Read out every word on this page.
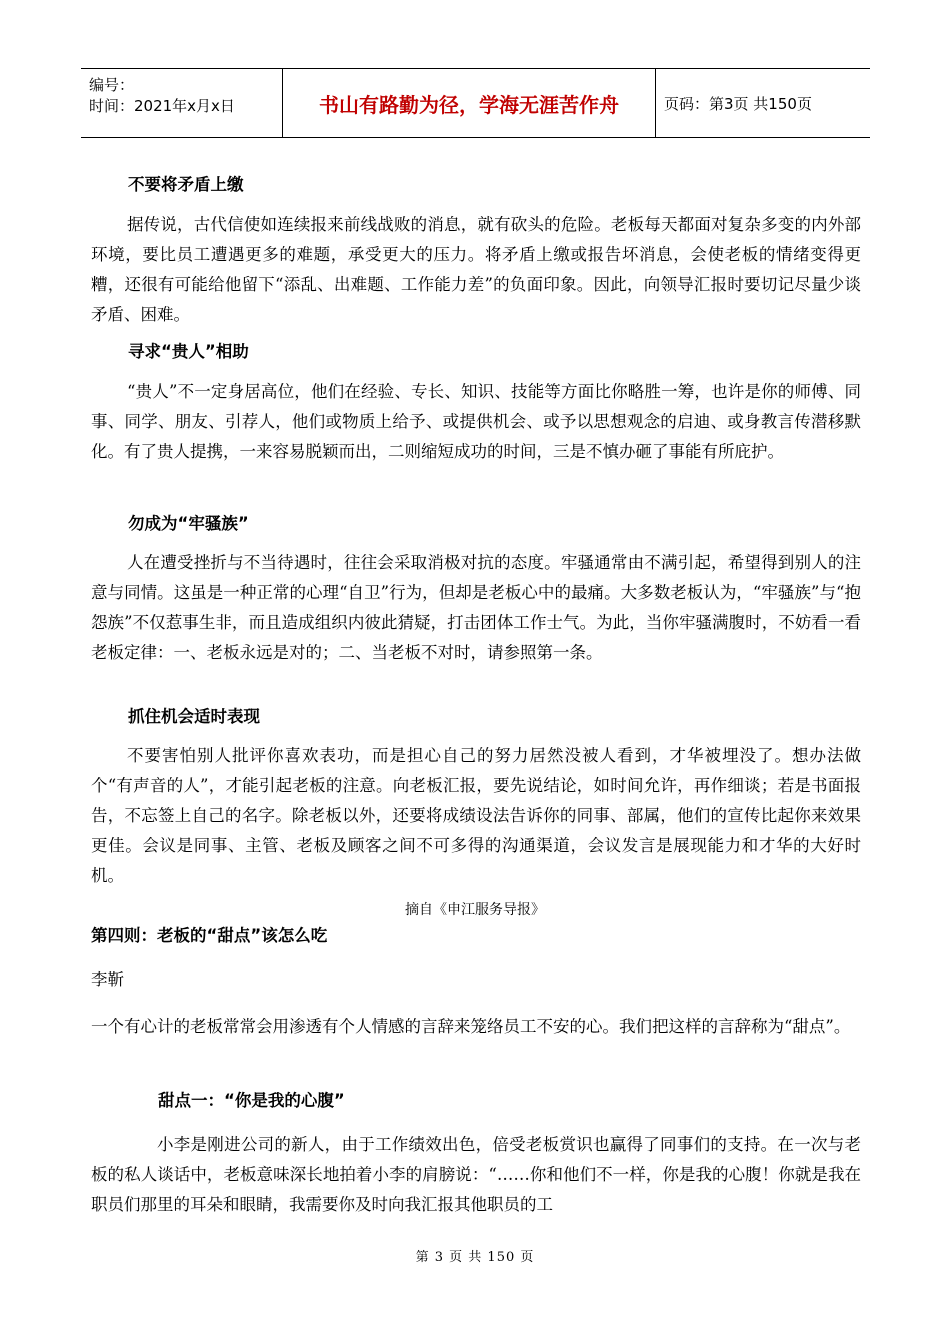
编号：
时间：2021年x月x日	书山有路勤为径，学海无涯苦作舟	页码：第3页 共150页
不要将矛盾上缴

据传说，古代信使如连续报来前线战败的消息，就有砍头的危险。老板每天都面对复杂多变的内外部环境，要比员工遭遇更多的难题，承受更大的压力。将矛盾上缴或报告坏消息，会使老板的情绪变得更糟，还很有可能给他留下“添乱、出难题、工作能力差”的负面印象。因此，向领导汇报时要切记尽量少谈矛盾、困难。

寻求“贵人”相助

“贵人”不一定身居高位，他们在经验、专长、知识、技能等方面比你略胜一筹，也许是你的师傅、同事、同学、朋友、引荐人，他们或物质上给予、或提供机会、或予以思想观念的启迪、或身教言传潜移默化。有了贵人提携，一来容易脱颖而出，二则缩短成功的时间，三是不慎办砸了事能有所庇护。

勿成为“牢骚族”

人在遭受挫折与不当待遇时，往往会采取消极对抗的态度。牢骚通常由不满引起，希望得到别人的注意与同情。这虽是一种正常的心理“自卫”行为，但却是老板心中的最痛。大多数老板认为，“牢骚族”与“抱怨族”不仅惹事生非，而且造成组织内彼此猜疑，打击团体工作士气。为此，当你牢骚满腹时，不妨看一看老板定律：一、老板永远是对的；二、当老板不对时，请参照第一条。

抓住机会适时表现

不要害怕别人批评你喜欢表功，而是担心自己的努力居然没被人看到，才华被埋没了。想办法做个“有声音的人”，才能引起老板的注意。向老板汇报，要先说结论，如时间允许，再作细谈；若是书面报告，不忘签上自己的名字。除老板以外，还要将成绩设法告诉你的同事、部属，他们的宣传比起你来效果更佳。会议是同事、主管、老板及顾客之间不可多得的沟通渠道，会议发言是展现能力和才华的大好时机。

摘自《申江服务导报》
第四则：老板的“甜点”该怎么吃

李靳

一个有心计的老板常常会用渗透有个人情感的言辞来笼络员工不安的心。我们把这样的言辞称为“甜点”。

甜点一：“你是我的心腹”

小李是刚进公司的新人，由于工作绩效出色，倍受老板赏识也赢得了同事们的支持。在一次与老板的私人谈话中，老板意味深长地拍着小李的肩膀说：“……你和他们不一样，你是我的心腹！你就是我在职员们那里的耳朵和眼睛，我需要你及时向我汇报其他职员的工

第 3 页 共 150 页
